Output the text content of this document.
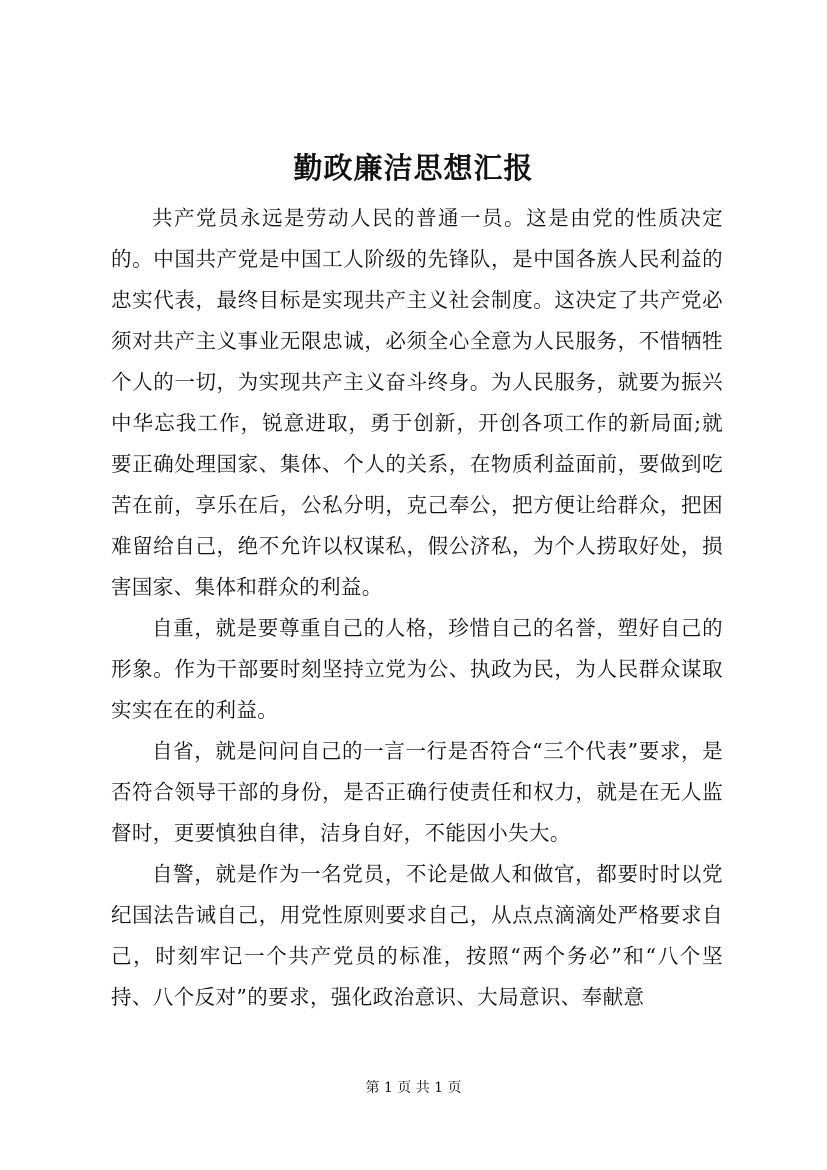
勤政廉洁思想汇报

共产党员永远是劳动人民的普通一员。这是由党的性质决定的。中国共产党是中国工人阶级的先锋队，是中国各族人民利益的忠实代表，最终目标是实现共产主义社会制度。这决定了共产党必须对共产主义事业无限忠诚，必须全心全意为人民服务，不惜牺牲个人的一切，为实现共产主义奋斗终身。为人民服务，就要为振兴中华忘我工作，锐意进取，勇于创新，开创各项工作的新局面;就要正确处理国家、集体、个人的关系，在物质利益面前，要做到吃苦在前，享乐在后，公私分明，克己奉公，把方便让给群众，把困难留给自己，绝不允许以权谋私，假公济私，为个人捞取好处，损害国家、集体和群众的利益。

自重，就是要尊重自己的人格，珍惜自己的名誉，塑好自己的形象。作为干部要时刻坚持立党为公、执政为民，为人民群众谋取实实在在的利益。

自省，就是问问自己的一言一行是否符合“三个代表”要求，是否符合领导干部的身份，是否正确行使责任和权力，就是在无人监督时，更要慎独自律，洁身自好，不能因小失大。

自警，就是作为一名党员，不论是做人和做官，都要时时以党纪国法告诫自己，用党性原则要求自己，从点点滴滴处严格要求自己，时刻牢记一个共产党员的标准，按照“两个务必”和“八个坚持、八个反对”的要求，强化政治意识、大局意识、奉献意

第 1 页 共 1 页
